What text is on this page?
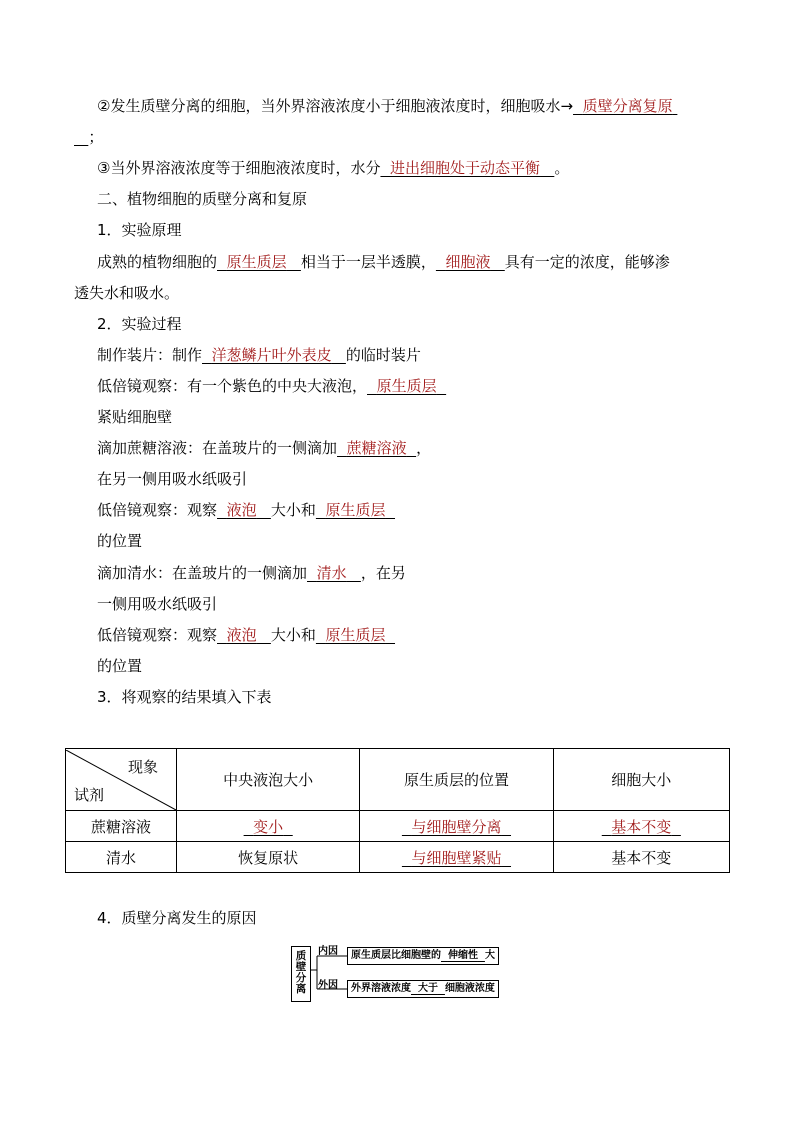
②发生质壁分离的细胞，当外界溶液浓度小于细胞液浓度时，细胞吸水→ 质壁分离复原
；
③当外界溶液浓度等于细胞液浓度时，水分 进出细胞处于动态平衡 。
二、植物细胞的质壁分离和复原
1．实验原理
成熟的植物细胞的 原生质层 相当于一层半透膜， 细胞液 具有一定的浓度，能够渗
透失水和吸水。
2．实验过程
制作装片：制作 洋葱鳞片叶外表皮 的临时装片
低倍镜观察：有一个紫色的中央大液泡， 原生质层
紧贴细胞壁
滴加蔗糖溶液：在盖玻片的一侧滴加 蔗糖溶液 ，
在另一侧用吸水纸吸引
低倍镜观察：观察 液泡 大小和 原生质层
的位置
滴加清水：在盖玻片的一侧滴加 清水 ，在另
一侧用吸水纸吸引
低倍镜观察：观察 液泡 大小和 原生质层
的位置
3．将观察的结果填入下表
现象
试剂	中央液泡大小	原生质层的位置	细胞大小
蔗糖溶液	变小	与细胞壁分离	基本不变
清水	恢复原状	与细胞壁紧贴	基本不变
4．质壁分离发生的原因
质壁分离
内因
外因
原生质层比细胞壁的 伸缩性 大
外界溶液浓度 大于 细胞液浓度
